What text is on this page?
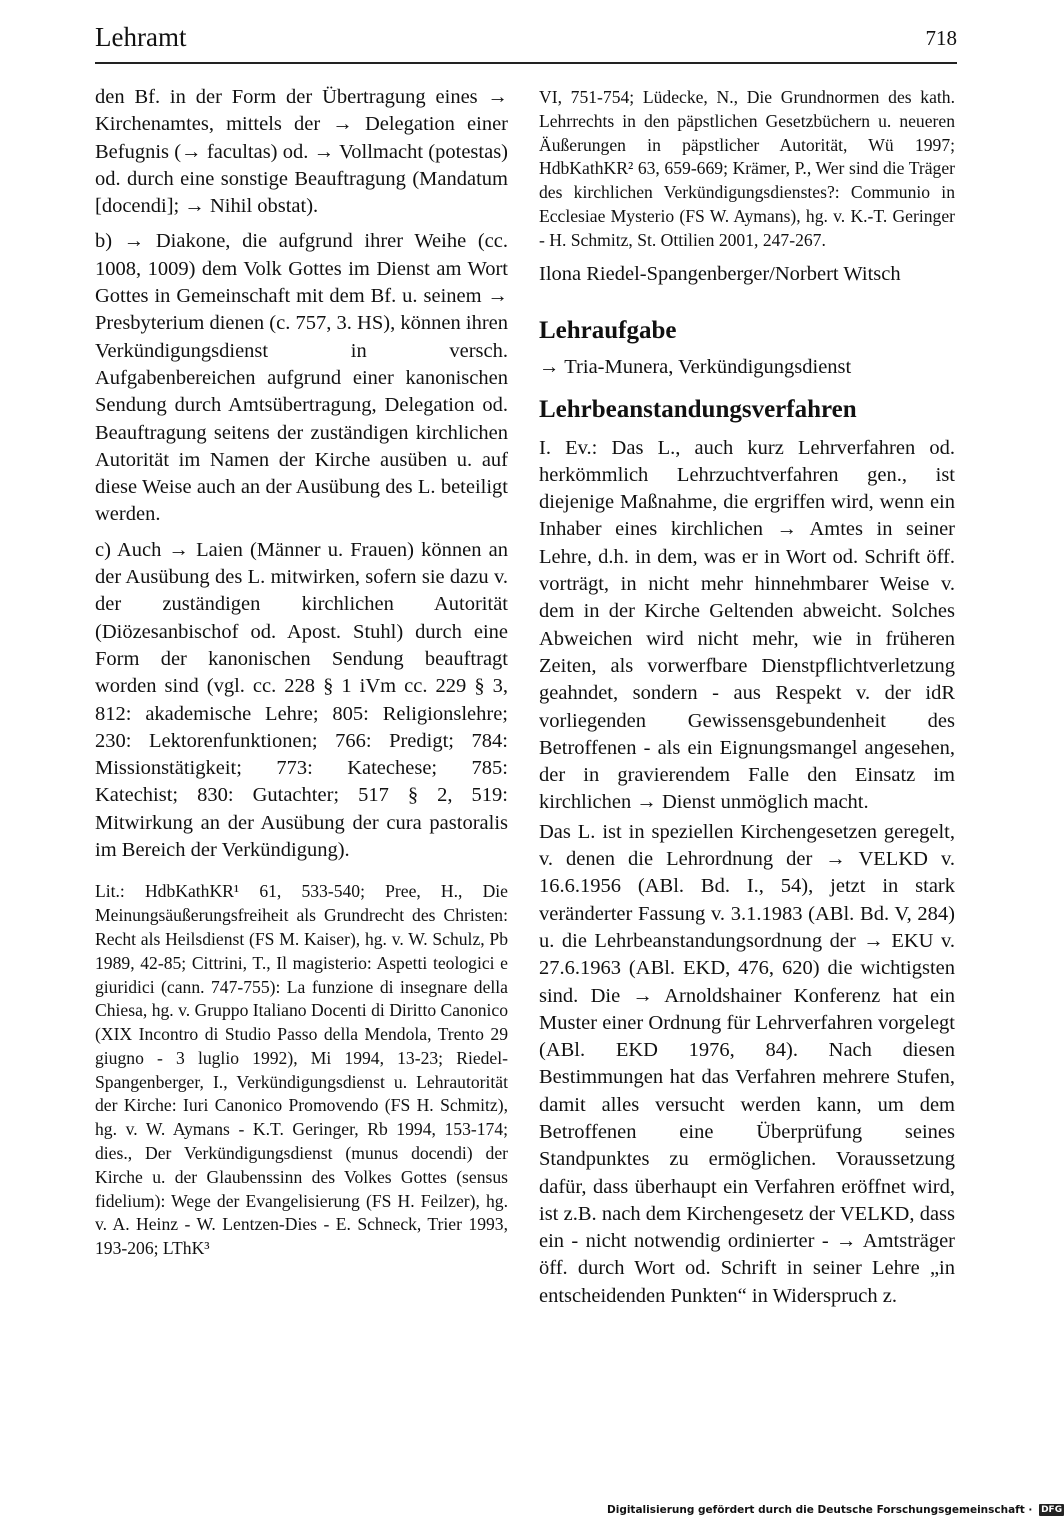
Lehramt	718

den Bf. in der Form der Übertragung eines → Kirchenamtes, mittels der → Delegation einer Befugnis (→ facultas) od. → Vollmacht (potestas) od. durch eine sonstige Beauftragung (Mandatum [docendi]; → Nihil obstat).

b) → Diakone, die aufgrund ihrer Weihe (cc. 1008, 1009) dem Volk Gottes im Dienst am Wort Gottes in Gemeinschaft mit dem Bf. u. seinem → Presbyterium dienen (c. 757, 3. HS), können ihren Verkündigungsdienst in versch. Aufgabenbereichen aufgrund einer kanonischen Sendung durch Amtsübertragung, Delegation od. Beauftragung seitens der zuständigen kirchlichen Autorität im Namen der Kirche ausüben u. auf diese Weise auch an der Ausübung des L. beteiligt werden.

c) Auch → Laien (Männer u. Frauen) können an der Ausübung des L. mitwirken, sofern sie dazu v. der zuständigen kirchlichen Autorität (Diözesanbischof od. Apost. Stuhl) durch eine Form der kanonischen Sendung beauftragt worden sind (vgl. cc. 228 § 1 iVm cc. 229 § 3, 812: akademische Lehre; 805: Religionslehre; 230: Lektorenfunktionen; 766: Predigt; 784: Missionstätigkeit; 773: Katechese; 785: Katechist; 830: Gutachter; 517 § 2, 519: Mitwirkung an der Ausübung der cura pastoralis im Bereich der Verkündigung).

Lit.: HdbKathKR¹ 61, 533-540; Pree, H., Die Meinungsäußerungsfreiheit als Grundrecht des Christen: Recht als Heilsdienst (FS M. Kaiser), hg. v. W. Schulz, Pb 1989, 42-85; Cittrini, T., Il magisterio: Aspetti teologici e giuridici (cann. 747-755): La funzione di insegnare della Chiesa, hg. v. Gruppo Italiano Docenti di Diritto Canonico (XIX Incontro di Studio Passo della Mendola, Trento 29 giugno - 3 luglio 1992), Mi 1994, 13-23; Riedel-Spangenberger, I., Verkündigungsdienst u. Lehrautorität der Kirche: Iuri Canonico Promovendo (FS H. Schmitz), hg. v. W. Aymans - K.T. Geringer, Rb 1994, 153-174; dies., Der Verkündigungsdienst (munus docendi) der Kirche u. der Glaubenssinn des Volkes Gottes (sensus fidelium): Wege der Evangelisierung (FS H. Feilzer), hg. v. A. Heinz - W. Lentzen-Dies - E. Schneck, Trier 1993, 193-206; LThK³

VI, 751-754; Lüdecke, N., Die Grundnormen des kath. Lehrrechts in den päpstlichen Gesetzbüchern u. neueren Äußerungen in päpstlicher Autorität, Wü 1997; HdbKathKR² 63, 659-669; Krämer, P., Wer sind die Träger des kirchlichen Verkündigungsdienstes?: Communio in Ecclesiae Mysterio (FS W. Aymans), hg. v. K.-T. Geringer - H. Schmitz, St. Ottilien 2001, 247-267.

Ilona Riedel-Spangenberger/Norbert Witsch
Lehraufgabe
→ Tria-Munera, Verkündigungsdienst
Lehrbeanstandungsverfahren

I. Ev.: Das L., auch kurz Lehrverfahren od. herkömmlich Lehrzuchtverfahren gen., ist diejenige Maßnahme, die ergriffen wird, wenn ein Inhaber eines kirchlichen → Amtes in seiner Lehre, d.h. in dem, was er in Wort od. Schrift öff. vorträgt, in nicht mehr hinnehmbarer Weise v. dem in der Kirche Geltenden abweicht. Solches Abweichen wird nicht mehr, wie in früheren Zeiten, als vorwerfbare Dienstpflichtverletzung geahndet, sondern - aus Respekt v. der idR vorliegenden Gewissensgebundenheit des Betroffenen - als ein Eignungsmangel angesehen, der in gravierendem Falle den Einsatz im kirchlichen → Dienst unmöglich macht.

Das L. ist in speziellen Kirchengesetzen geregelt, v. denen die Lehrordnung der → VELKD v. 16.6.1956 (ABl. Bd. I., 54), jetzt in stark veränderter Fassung v. 3.1.1983 (ABl. Bd. V, 284) u. die Lehrbeanstandungsordnung der → EKU v. 27.6.1963 (ABl. EKD, 476, 620) die wichtigsten sind. Die → Arnoldshainer Konferenz hat ein Muster einer Ordnung für Lehrverfahren vorgelegt (ABl. EKD 1976, 84). Nach diesen Bestimmungen hat das Verfahren mehrere Stufen, damit alles versucht werden kann, um dem Betroffenen eine Überprüfung seines Standpunktes zu ermöglichen. Voraussetzung dafür, dass überhaupt ein Verfahren eröffnet wird, ist z.B. nach dem Kirchengesetz der VELKD, dass ein - nicht notwendig ordinierter - → Amtsträger öff. durch Wort od. Schrift in seiner Lehre „in entscheidenden Punkten“ in Widerspruch z.

Digitalisierung gefördert durch die Deutsche Forschungsgemeinschaft · DFG
